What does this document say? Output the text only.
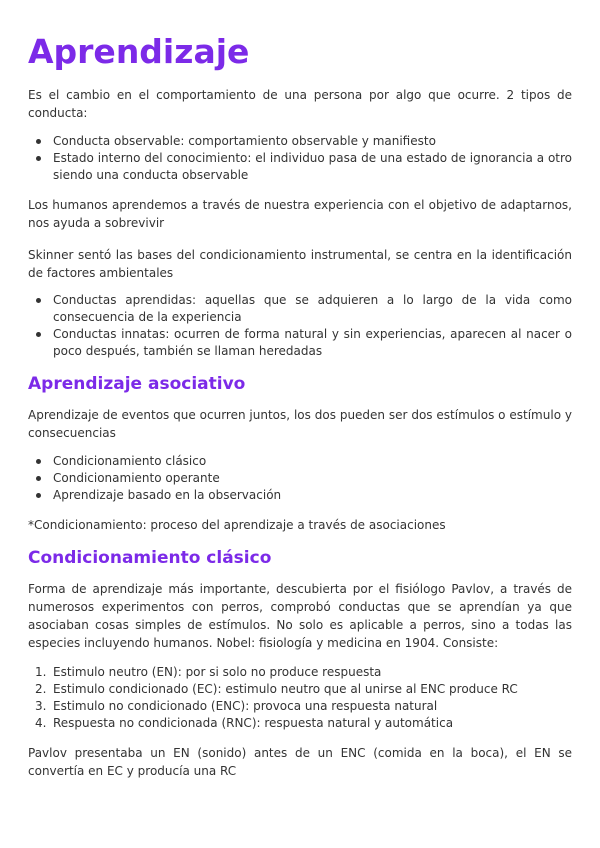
Aprendizaje

Es el cambio en el comportamiento de una persona por algo que ocurre. 2 tipos de conducta:

Conducta observable: comportamiento observable y manifiesto
Estado interno del conocimiento: el individuo pasa de una estado de ignorancia a otro siendo una conducta observable

Los humanos aprendemos a través de nuestra experiencia con el objetivo de adaptarnos, nos ayuda a sobrevivir

Skinner sentó las bases del condicionamiento instrumental, se centra en la identificación de factores ambientales

Conductas aprendidas: aquellas que se adquieren a lo largo de la vida como consecuencia de la experiencia
Conductas innatas: ocurren de forma natural y sin experiencias, aparecen al nacer o poco después, también se llaman heredadas
Aprendizaje asociativo

Aprendizaje de eventos que ocurren juntos, los dos pueden ser dos estímulos o estímulo y consecuencias

Condicionamiento clásico
Condicionamiento operante
Aprendizaje basado en la observación

*Condicionamiento: proceso del aprendizaje a través de asociaciones

Condicionamiento clásico

Forma de aprendizaje más importante, descubierta por el fisiólogo Pavlov, a través de numerosos experimentos con perros, comprobó conductas que se aprendían ya que asociaban cosas simples de estímulos. No solo es aplicable a perros, sino a todas las especies incluyendo humanos. Nobel: fisiología y medicina en 1904. Consiste:

1. Estimulo neutro (EN): por si solo no produce respuesta
2. Estimulo condicionado (EC): estimulo neutro que al unirse al ENC produce RC
3. Estimulo no condicionado (ENC): provoca una respuesta natural
4. Respuesta no condicionada (RNC): respuesta natural y automática

Pavlov presentaba un EN (sonido) antes de un ENC (comida en la boca), el EN se convertía en EC y producía una RC
